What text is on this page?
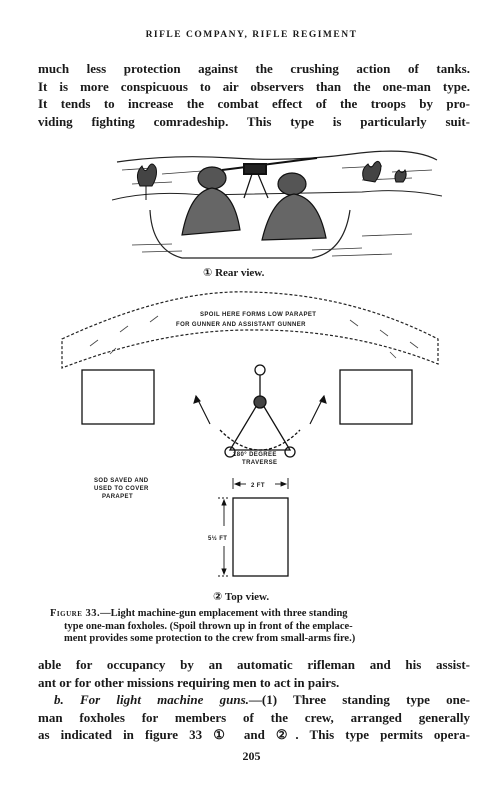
RIFLE COMPANY, RIFLE REGIMENT
much less protection against the crushing action of tanks.
It is more conspicuous to air observers than the one-man type.
It tends to increase the combat effect of the troops by pro-
viding fighting comradeship. This type is particularly suit-
① Rear view.
SPOIL HERE FORMS LOW PARAPET
FOR GUNNER AND ASSISTANT GUNNER
180° DEGREE
TRAVERSE
SOD SAVED AND
USED TO COVER
PARAPET
2 FT
5½ FT
② Top view.
Figure 33.—Light machine-gun emplacement with three standing
type one-man foxholes. (Spoil thrown up in front of the emplace-
ment provides some protection to the crew from small-arms fire.)
able for occupancy by an automatic rifleman and his assist-
ant or for other missions requiring men to act in pairs.
b. For light machine guns.—(1) Three standing type one-
man foxholes for members of the crew, arranged generally
as indicated in figure 33 ① and ②. This type permits opera-
205
